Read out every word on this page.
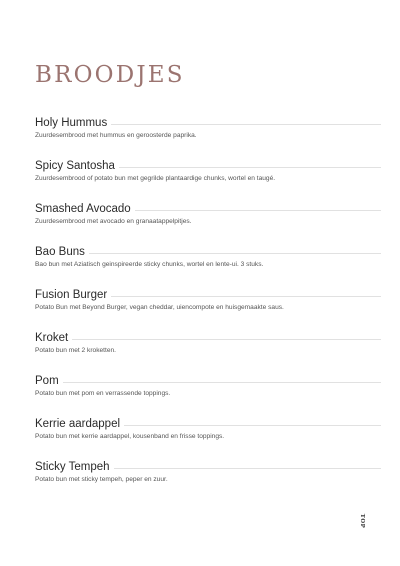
BROODJES
Holy Hummus
Zuurdesembrood met hummus en geroosterde paprika.
Spicy Santosha
Zuurdesembrood of potato bun met gegrilde plantaardige chunks, wortel en taugé.
Smashed Avocado
Zuurdesembrood met avocado en granaatappelpitjes.
Bao Buns
Bao bun met Aziatisch geinspireerde sticky chunks, wortel en lente-ui. 3 stuks.
Fusion Burger
Potato Bun met Beyond Burger, vegan cheddar, uiencompote en huisgemaakte saus.
Kroket
Potato bun met 2 kroketten.
Pom
Potato bun met pom en verrassende toppings.
Kerrie aardappel
Potato bun met kerrie aardappel, kousenband en frisse toppings.
Sticky Tempeh
Potato bun met sticky tempeh, peper en zuur.
TOP
